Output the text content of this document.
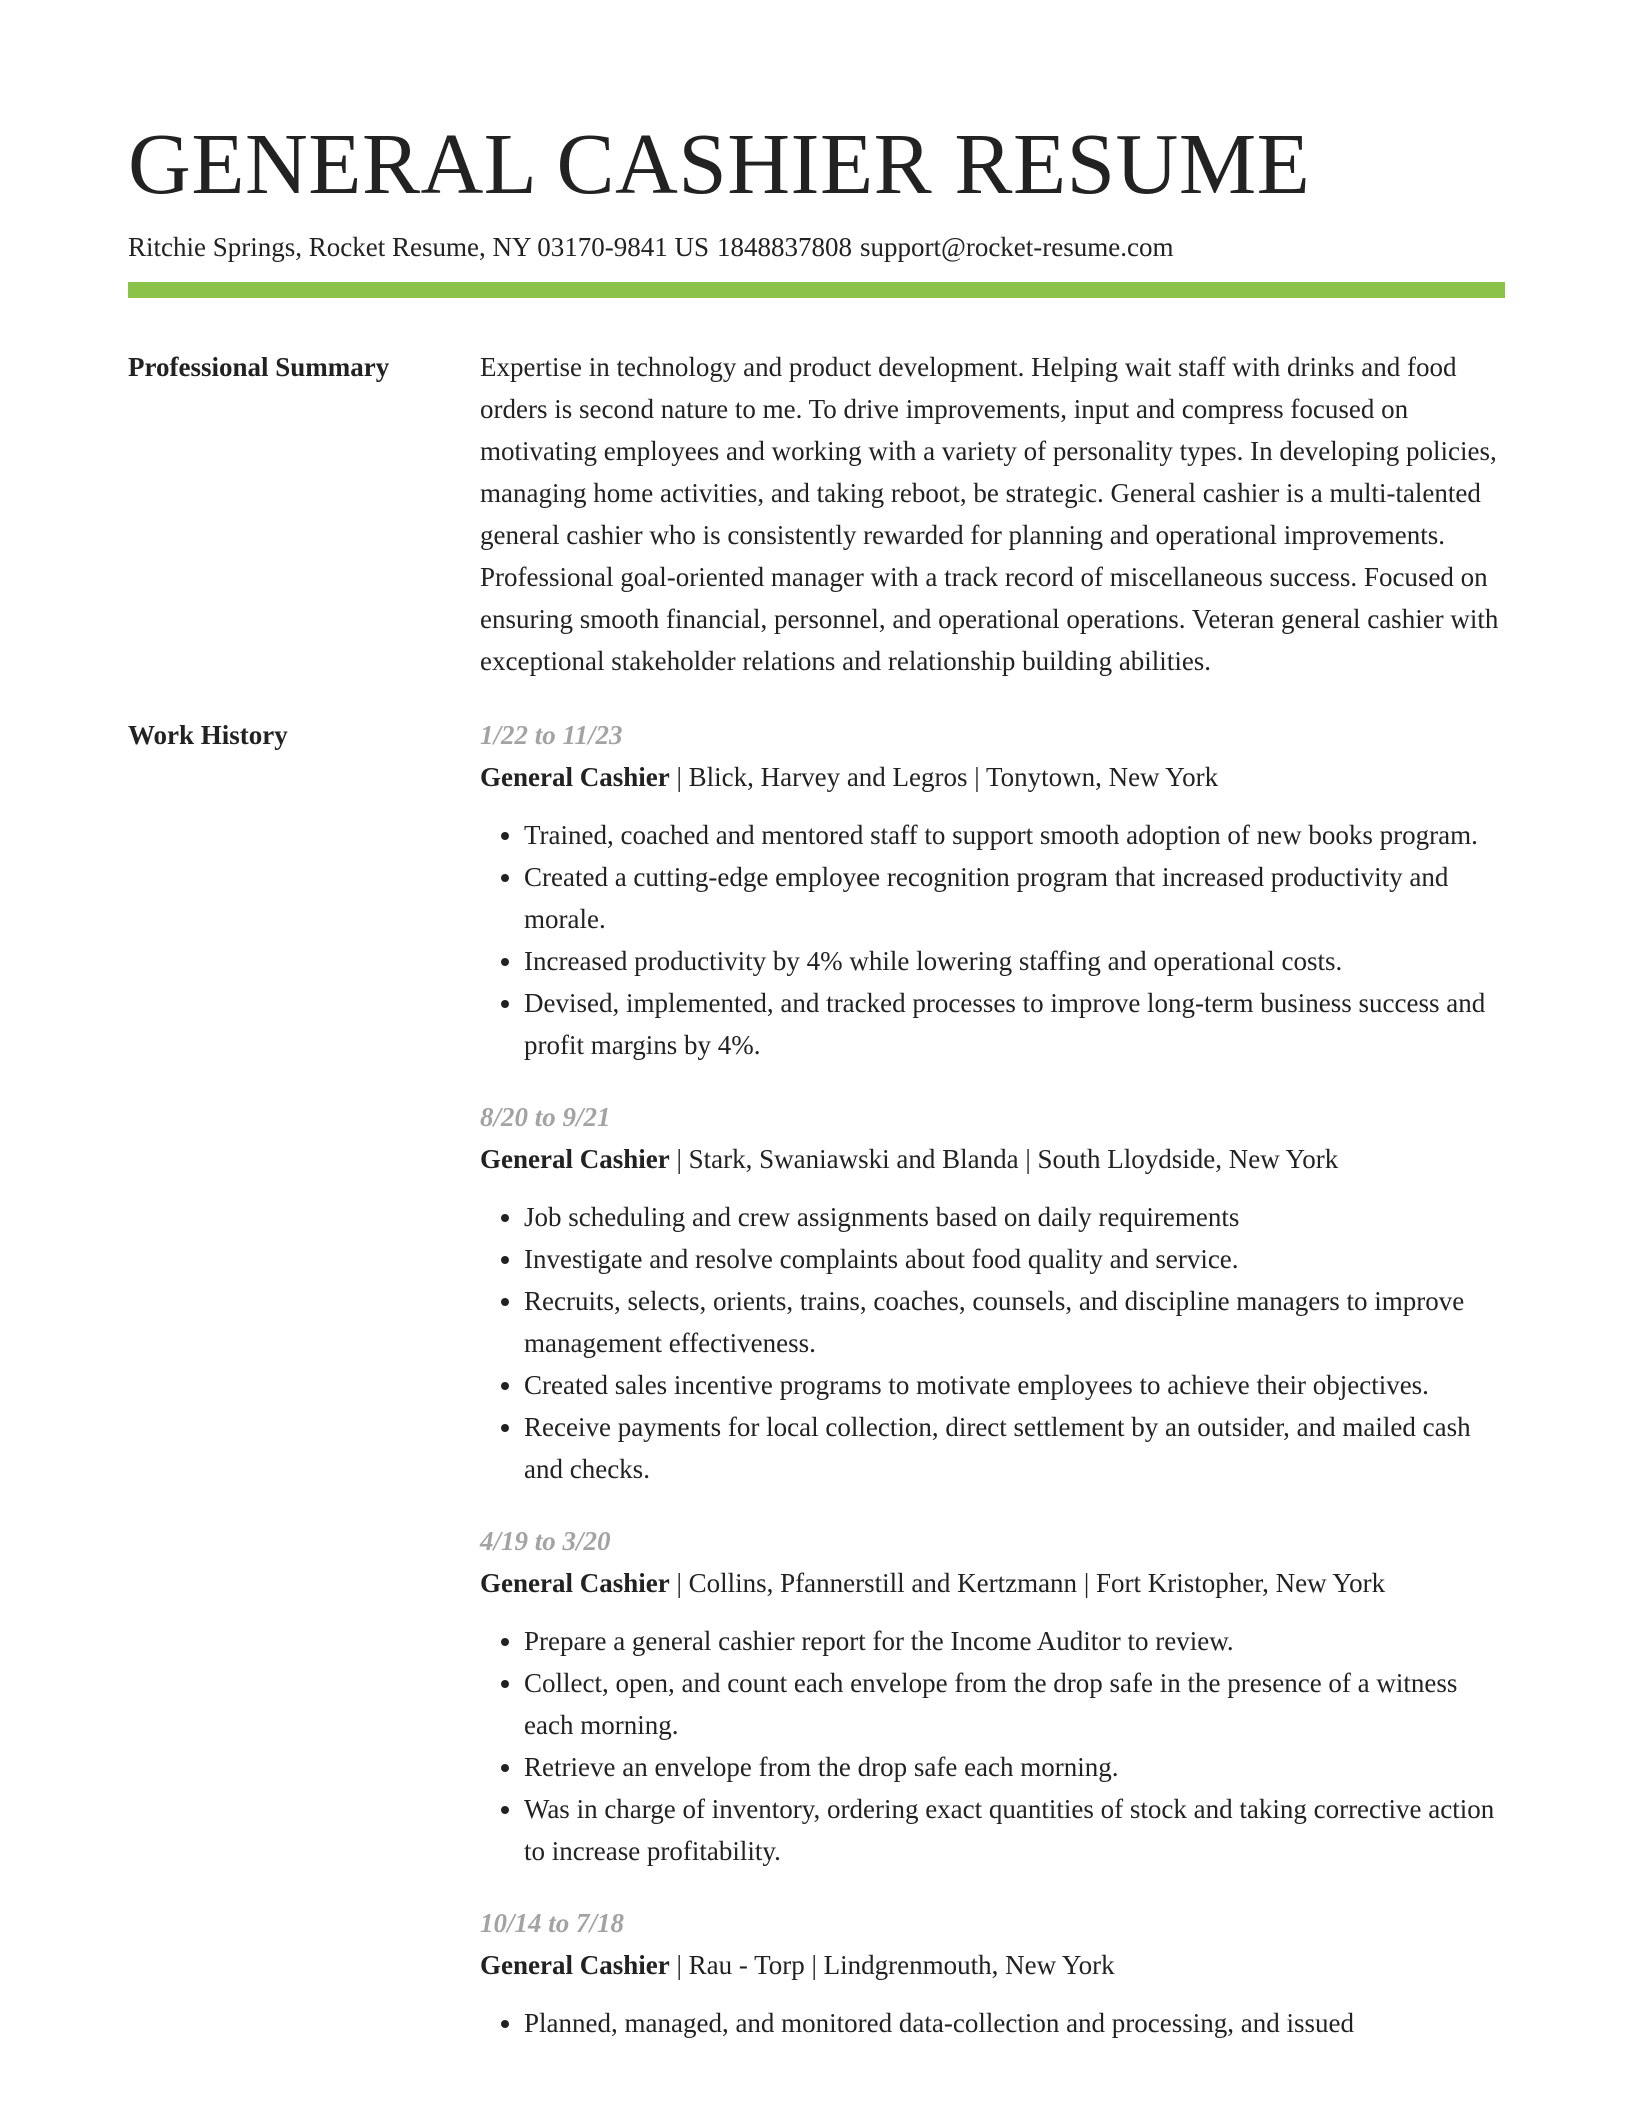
GENERAL CASHIER RESUME
Ritchie Springs, Rocket Resume, NY 03170-9841 US 1848837808 support@rocket-resume.com
Professional Summary	Expertise in technology and product development. Helping wait staff with drinks and food orders is second nature to me. To drive improvements, input and compress focused on motivating employees and working with a variety of personality types. In developing policies, managing home activities, and taking reboot, be strategic. General cashier is a multi-talented general cashier who is consistently rewarded for planning and operational improvements. Professional goal-oriented manager with a track record of miscellaneous success. Focused on ensuring smooth financial, personnel, and operational operations. Veteran general cashier with exceptional stakeholder relations and relationship building abilities.
Work History	1/22 to 11/23
General Cashier | Blick, Harvey and Legros | Tonytown, New York
• Trained, coached and mentored staff to support smooth adoption of new books program.
• Created a cutting-edge employee recognition program that increased productivity and morale.
• Increased productivity by 4% while lowering staffing and operational costs.
• Devised, implemented, and tracked processes to improve long-term business success and profit margins by 4%.
8/20 to 9/21
General Cashier | Stark, Swaniawski and Blanda | South Lloydside, New York
• Job scheduling and crew assignments based on daily requirements
• Investigate and resolve complaints about food quality and service.
• Recruits, selects, orients, trains, coaches, counsels, and discipline managers to improve management effectiveness.
• Created sales incentive programs to motivate employees to achieve their objectives.
• Receive payments for local collection, direct settlement by an outsider, and mailed cash and checks.
4/19 to 3/20
General Cashier | Collins, Pfannerstill and Kertzmann | Fort Kristopher, New York
• Prepare a general cashier report for the Income Auditor to review.
• Collect, open, and count each envelope from the drop safe in the presence of a witness each morning.
• Retrieve an envelope from the drop safe each morning.
• Was in charge of inventory, ordering exact quantities of stock and taking corrective action to increase profitability.
10/14 to 7/18
General Cashier | Rau - Torp | Lindgrenmouth, New York
• Planned, managed, and monitored data-collection and processing, and issued
